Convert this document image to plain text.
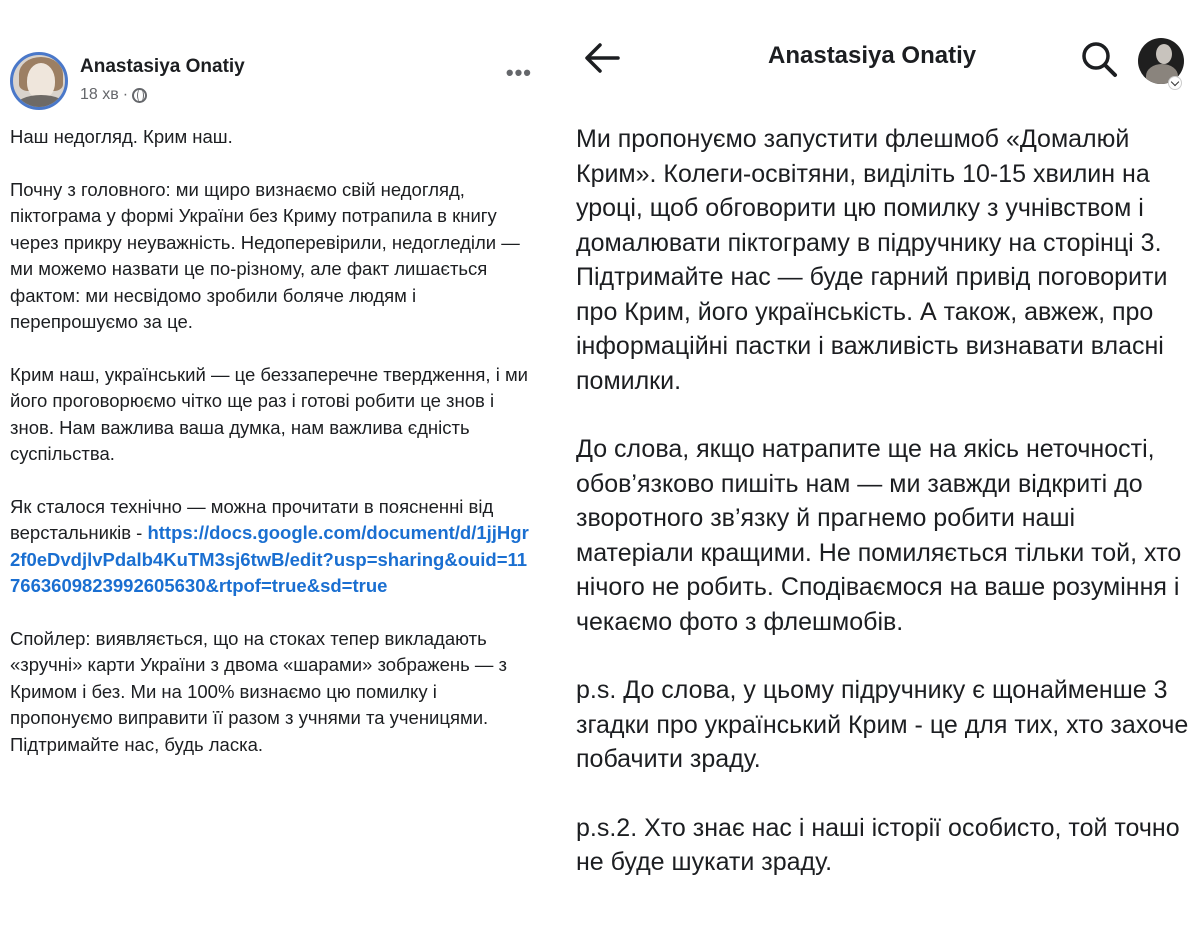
Anastasiya Onatiy
18 хв ·
•••

Наш недогляд. Крим наш.

Почну з головного: ми щиро визнаємо свій недогляд, піктограма у формі України без Криму потрапила в книгу через прикру неуважність. Недоперевірили, недогледіли — ми можемо назвати це по-різному, але факт лишається фактом: ми несвідомо зробили боляче людям і перепрошуємо за це.

Крим наш, український — це беззаперечне твердження, і ми його проговорюємо чітко ще раз і готові робити це знов і знов. Нам важлива ваша думка, нам важлива єдність суспільства.

Як сталося технічно — можна прочитати в поясненні від верстальників - https://docs.google.com/document/d/1jjHgr2f0eDvdjlvPdalb4KuTM3sj6twB/edit?usp=sharing&ouid=117663609823992605630&rtpof=true&sd=true

Спойлер: виявляється, що на стоках тепер викладають «зручні» карти України з двома «шарами» зображень — з Кримом і без. Ми на 100% визнаємо цю помилку і пропонуємо виправити її разом з учнями та ученицями. Підтримайте нас, будь ласка.

Anastasiya Onatiy

Ми пропонуємо запустити флешмоб «Домалюй Крим». Колеги-освітяни, виділіть 10-15 хвилин на уроці, щоб обговорити цю помилку з учнівством і домалювати піктограму в підручнику на сторінці 3. Підтримайте нас — буде гарний привід поговорити про Крим, його українськість. А також, авжеж, про інформаційні пастки і важливість визнавати власні помилки.

До слова, якщо натрапите ще на якісь неточності, обов’язково пишіть нам — ми завжди відкриті до зворотного зв’язку й прагнемо робити наші матеріали кращими. Не помиляється тільки той, хто нічого не робить. Сподіваємося на ваше розуміння і чекаємо фото з флешмобів.

p.s. До слова, у цьому підручнику є щонайменше 3 згадки про український Крим - це для тих, хто захоче побачити зраду.

p.s.2. Хто знає нас і наші історії особисто, той точно не буде шукати зраду.
